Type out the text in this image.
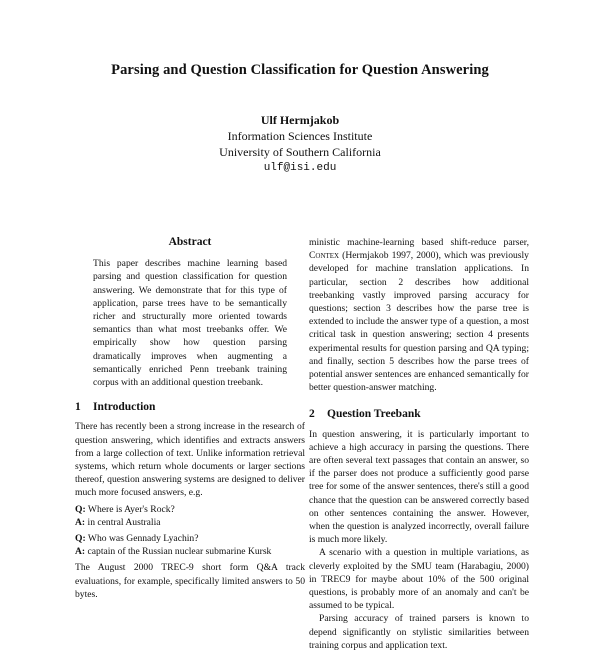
Parsing and Question Classification for Question Answering
Ulf Hermjakob
Information Sciences Institute
University of Southern California
ulf@isi.edu
Abstract

This paper describes machine learning based parsing and question classification for question answering. We demonstrate that for this type of application, parse trees have to be semantically richer and structurally more oriented towards semantics than what most treebanks offer. We empirically show how question parsing dramatically improves when augmenting a semantically enriched Penn treebank training corpus with an additional question treebank.

1 Introduction

There has recently been a strong increase in the research of question answering, which identifies and extracts answers from a large collection of text. Unlike information retrieval systems, which return whole documents or larger sections thereof, question answering systems are designed to deliver much more focused answers, e.g.

Q: Where is Ayer's Rock?
A: in central Australia
Q: Who was Gennady Lyachin?
A: captain of the Russian nuclear submarine Kursk

The August 2000 TREC-9 short form Q&A track evaluations, for example, specifically limited answers to 50 bytes.

ministic machine-learning based shift-reduce parser, Contex (Hermjakob 1997, 2000), which was previously developed for machine translation applications. In particular, section 2 describes how additional treebanking vastly improved parsing accuracy for questions; section 3 describes how the parse tree is extended to include the answer type of a question, a most critical task in question answering; section 4 presents experimental results for question parsing and QA typing; and finally, section 5 describes how the parse trees of potential answer sentences are enhanced semantically for better question-answer matching.

2 Question Treebank

In question answering, it is particularly important to achieve a high accuracy in parsing the questions. There are often several text passages that contain an answer, so if the parser does not produce a sufficiently good parse tree for some of the answer sentences, there's still a good chance that the question can be answered correctly based on other sentences containing the answer. However, when the question is analyzed incorrectly, overall failure is much more likely.

A scenario with a question in multiple variations, as cleverly exploited by the SMU team (Harabagiu, 2000) in TREC9 for maybe about 10% of the 500 original questions, is probably more of an anomaly and can't be assumed to be typical.

Parsing accuracy of trained parsers is known to depend significantly on stylistic similarities between training corpus and application text.
